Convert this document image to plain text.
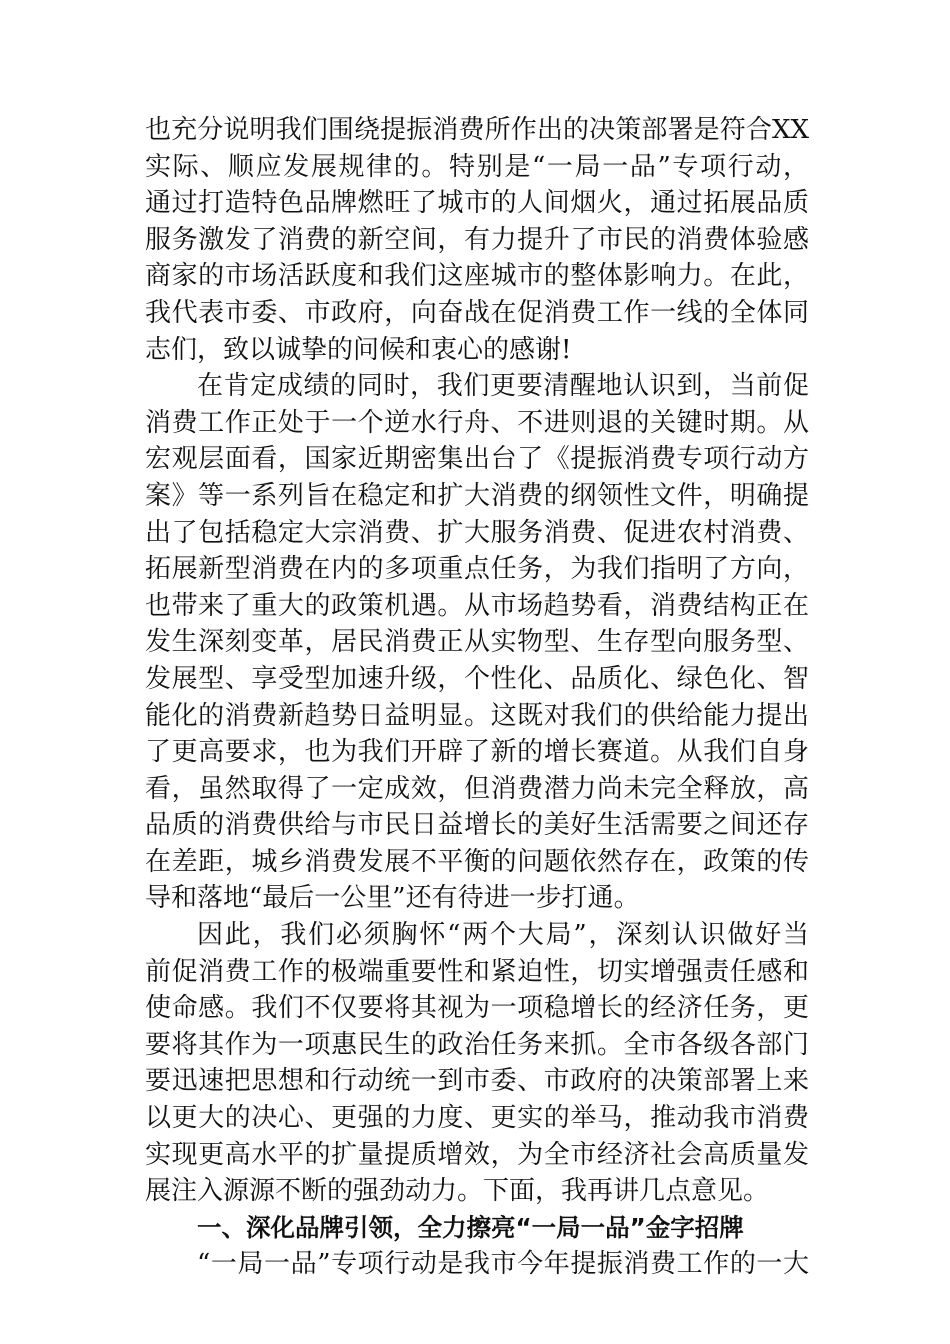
也充分说明我们围绕提振消费所作出的决策部署是符合XX
实际、顺应发展规律的。特别是“一局一品”专项行动，
通过打造特色品牌燃旺了城市的人间烟火，通过拓展品质
服务激发了消费的新空间，有力提升了市民的消费体验感
商家的市场活跃度和我们这座城市的整体影响力。在此，
我代表市委、市政府，向奋战在促消费工作一线的全体同
志们，致以诚挚的问候和衷心的感谢!
在肯定成绩的同时，我们更要清醒地认识到，当前促
消费工作正处于一个逆水行舟、不进则退的关键时期。从
宏观层面看，国家近期密集出台了《提振消费专项行动方
案》等一系列旨在稳定和扩大消费的纲领性文件，明确提
出了包括稳定大宗消费、扩大服务消费、促进农村消费、
拓展新型消费在内的多项重点任务，为我们指明了方向，
也带来了重大的政策机遇。从市场趋势看，消费结构正在
发生深刻变革，居民消费正从实物型、生存型向服务型、
发展型、享受型加速升级，个性化、品质化、绿色化、智
能化的消费新趋势日益明显。这既对我们的供给能力提出
了更高要求，也为我们开辟了新的增长赛道。从我们自身
看，虽然取得了一定成效，但消费潜力尚未完全释放，高
品质的消费供给与市民日益增长的美好生活需要之间还存
在差距，城乡消费发展不平衡的问题依然存在，政策的传
导和落地“最后一公里”还有待进一步打通。
因此，我们必须胸怀“两个大局”，深刻认识做好当
前促消费工作的极端重要性和紧迫性，切实增强责任感和
使命感。我们不仅要将其视为一项稳增长的经济任务，更
要将其作为一项惠民生的政治任务来抓。全市各级各部门
要迅速把思想和行动统一到市委、市政府的决策部署上来
以更大的决心、更强的力度、更实的举马，推动我市消费
实现更高水平的扩量提质增效，为全市经济社会高质量发
展注入源源不断的强劲动力。下面，我再讲几点意见。
一、深化品牌引领，全力擦亮“一局一品”金字招牌
“一局一品”专项行动是我市今年提振消费工作的一大
